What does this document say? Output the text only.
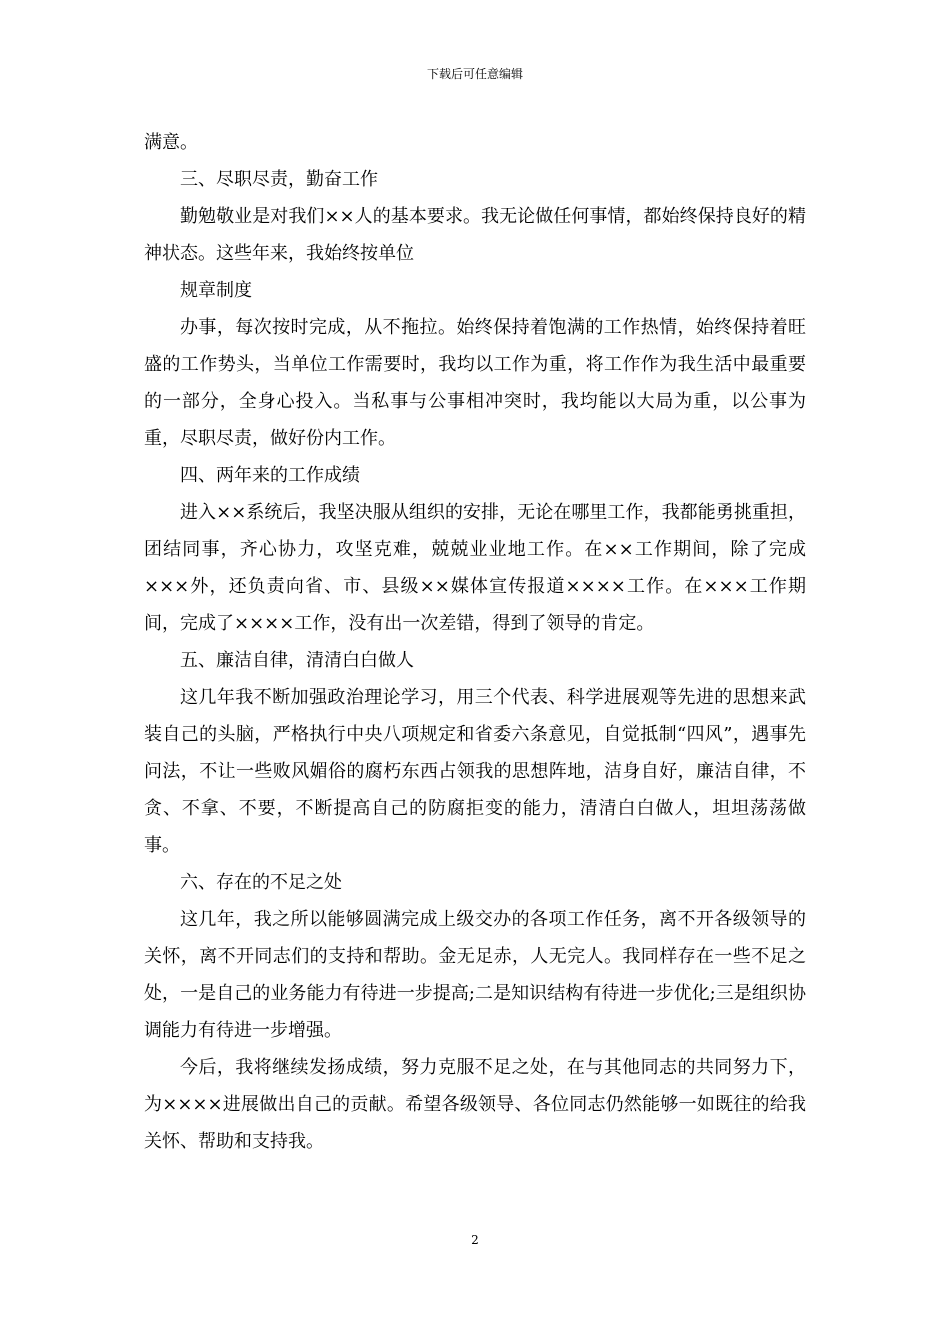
下载后可任意编辑

满意。

三、尽职尽责，勤奋工作

勤勉敬业是对我们××人的基本要求。我无论做任何事情，都始终保持良好的精神状态。这些年来，我始终按单位

规章制度

办事，每次按时完成，从不拖拉。始终保持着饱满的工作热情，始终保持着旺盛的工作势头，当单位工作需要时，我均以工作为重，将工作作为我生活中最重要的一部分，全身心投入。当私事与公事相冲突时，我均能以大局为重，以公事为重，尽职尽责，做好份内工作。

四、两年来的工作成绩

进入××系统后，我坚决服从组织的安排，无论在哪里工作，我都能勇挑重担，团结同事，齐心协力，攻坚克难，兢兢业业地工作。在××工作期间，除了完成×××外，还负责向省、市、县级××媒体宣传报道××××工作。在×××工作期间，完成了××××工作，没有出一次差错，得到了领导的肯定。

五、廉洁自律，清清白白做人

这几年我不断加强政治理论学习，用三个代表、科学进展观等先进的思想来武装自己的头脑，严格执行中央八项规定和省委六条意见，自觉抵制“四风”，遇事先问法，不让一些败风媚俗的腐朽东西占领我的思想阵地，洁身自好，廉洁自律，不贪、不拿、不要，不断提高自己的防腐拒变的能力，清清白白做人，坦坦荡荡做事。

六、存在的不足之处

这几年，我之所以能够圆满完成上级交办的各项工作任务，离不开各级领导的关怀，离不开同志们的支持和帮助。金无足赤，人无完人。我同样存在一些不足之处，一是自己的业务能力有待进一步提高;二是知识结构有待进一步优化;三是组织协调能力有待进一步增强。

今后，我将继续发扬成绩，努力克服不足之处，在与其他同志的共同努力下，为××××进展做出自己的贡献。希望各级领导、各位同志仍然能够一如既往的给我关怀、帮助和支持我。

2
